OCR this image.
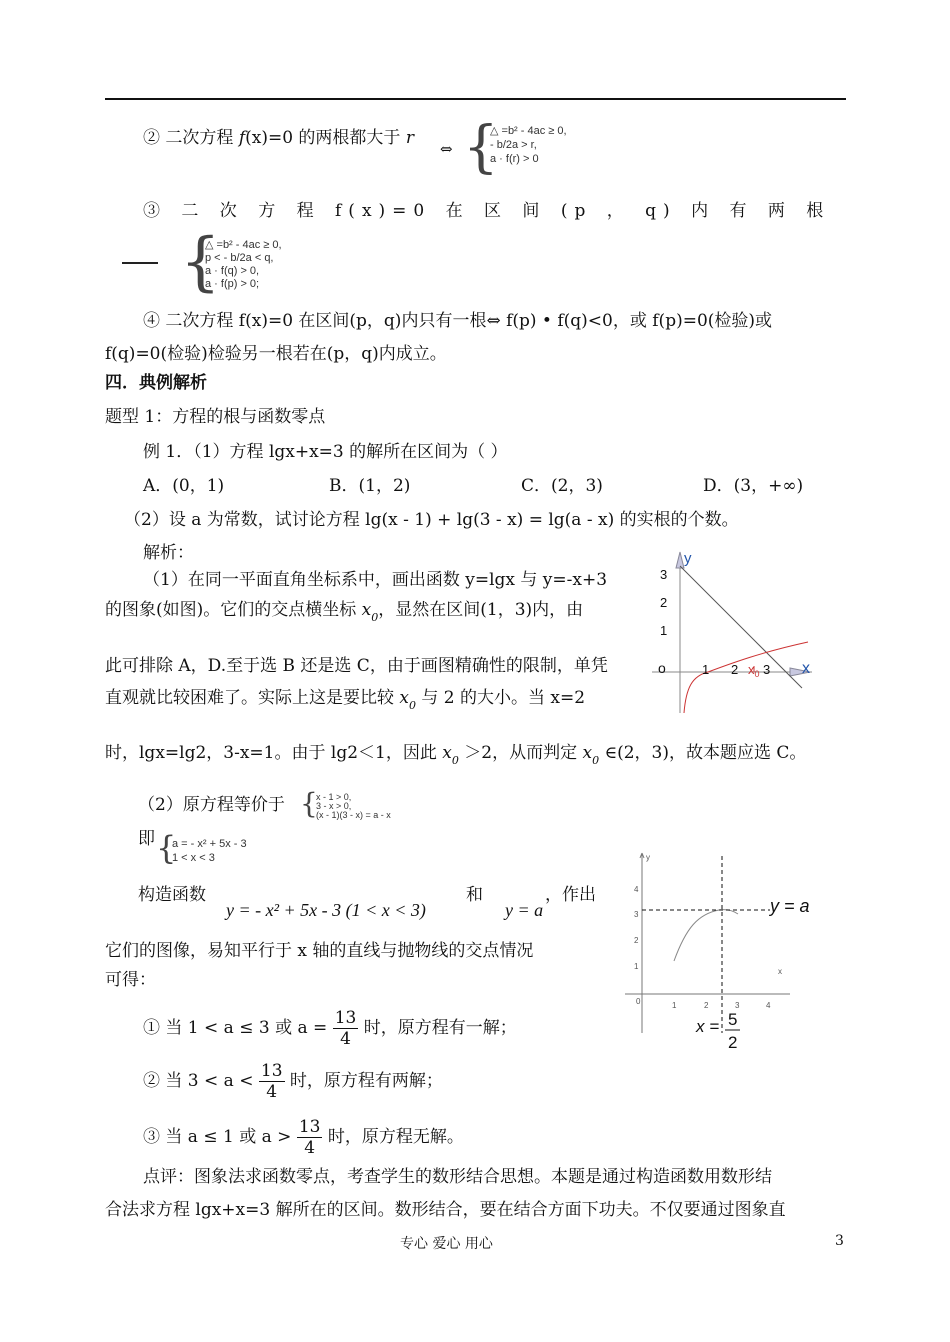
② 二次方程 f(x)=0 的两根都大于 r
⇔ {
△ =b² - 4ac ≥ 0,
- b/2a > r,
a · f(r) > 0
③ 二 次 方 程 f(x)=0 在 区 间 (p ， q) 内 有 两 根
{
△ =b² - 4ac ≥ 0,
p < - b/2a < q,
a · f(q) > 0,
a · f(p) > 0;
④ 二次方程 f(x)=0 在区间(p，q)内只有一根⇔ f(p) • f(q)<0，或 f(p)=0(检验)或
f(q)=0(检验)检验另一根若在(p，q)内成立。
四．典例解析
题型 1：方程的根与函数零点
例 1．（1）方程 lgx+x=3 的解所在区间为（ ）
A．(0，1)	B．(1，2)	C．(2，3)	D．(3，+∞)
（2）设 a 为常数，试讨论方程 lg(x - 1) + lg(3 - x) = lg(a - x) 的实根的个数。
解析：
（1）在同一平面直角坐标系中，画出函数 y=lgx 与 y=-x+3
的图象(如图)。它们的交点横坐标 $x_0$，显然在区间(1，3)内，由
此可排除 A，D.至于选 B 还是选 C，由于画图精确性的限制，单凭
直观就比较困难了。实际上这是要比较 $x_0$ 与 2 的大小。当 x=2
时，lgx=lg2，3-x=1。由于 lg2＜1，因此 $x_0 >2$，从而判定 $x_0$ ∈(2，3)，故本题应选 C。
y
x
o
3
2
1
1 2 3
$x_0$
（2）原方程等价于 {
x - 1 > 0,
3 - x > 0,
(x - 1)(3 - x) = a - x
即 {
a = - x² + 5x - 3
1 < x < 3
构造函数
y = - x² + 5x - 3 (1 < x < 3)
和
y = a
，作出
它们的图像，易知平行于 x 轴的直线与抛物线的交点情况
可得：
① 当 1 < a ≤ 3 或 $a = \frac{13}{4}$ 时，原方程有一解；
② 当 $3 < a < \frac{13}{4}$ 时，原方程有两解；
③ 当 a ≤ 1 或 $a > \frac{13}{4}$ 时，原方程无解。
y
x
0
4
3
2
1
1	2	3	4
y = a
x = 5
2
点评：图象法求函数零点，考查学生的数形结合思想。本题是通过构造函数用数形结
合法求方程 lgx+x=3 解所在的区间。数形结合，要在结合方面下功夫。不仅要通过图象直
专心 爱心 用心	3
